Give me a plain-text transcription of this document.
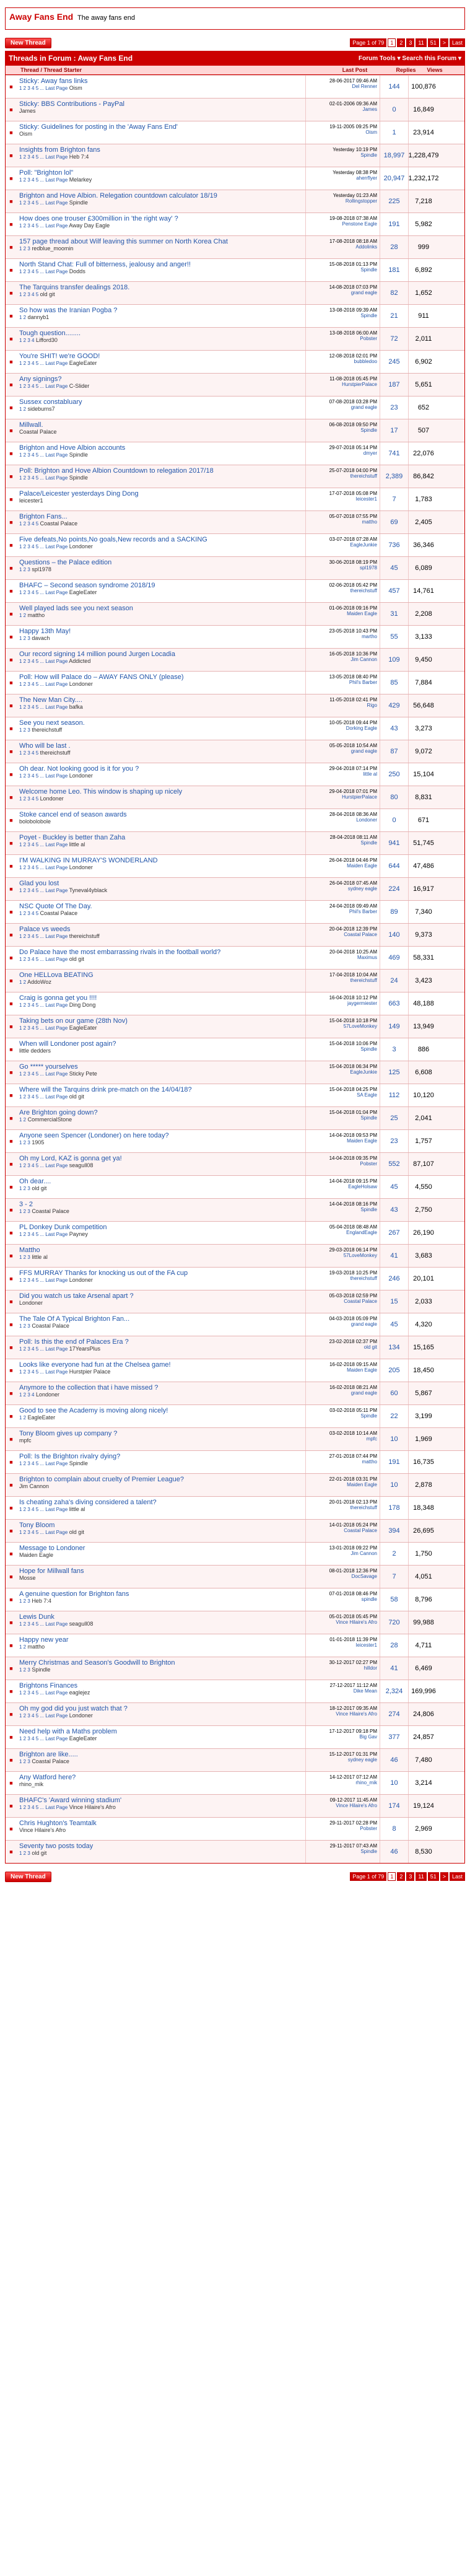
Away Fans End The away fans end
New Thread	Page 1 of 79	1	2	3	11	51	>	Last
Threads in Forum : Away Fans End	Forum Tools ▾ Search this Forum ▾
Thread / Thread Starter	Last Post	Replies	Views
■
Sticky: Away fans links
1 2 3 4 5 ... Last Page Oism
28-06-2017 09:46 AM
Del Renner	144	100,876
■
Sticky: BBS Contributions - PayPal
James
02-01-2006 09:36 AM
James	0	16,849
■
Sticky: Guidelines for posting in the 'Away Fans End'
Oism
19-11-2005 09:25 PM
Oism	1	23,914
■
Insights from Brighton fans
1 2 3 4 5 ... Last Page Heb 7:4
Yesterday 10:19 PM
Spindle 18,997 1,228,479
■
Poll: "Brighton lol"
1 2 3 4 5 ... Last Page Melarkey
Yesterday 08:38 PM
aherrflyer 20,947 1,232,172
■
Brighton and Hove Albion. Relegation countdown calculator 18/19
1 2 3 4 5 ... Last Page Spindle
Yesterday 01:23 AM
Rollingstopper	225	7,218
■
How does one trouser £300million in 'the right way' ?
1 2 3 4 5 ... Last Page Away Day Eagle
19-08-2018 07:38 AM
Penstone Eagle	191	5,982
■
157 page thread about Wilf leaving this summer on North Korea Chat
1 2 3 redblue_moomin
17-08-2018 08:18 AM
Addolinks	28	999
■
North Stand Chat: Full of bitterness, jealousy and anger!!
1 2 3 4 5 ... Last Page Dodds
15-08-2018 01:13 PM
Spindle	181	6,892
■
The Tarquins transfer dealings 2018.
1 2 3 4 5 old git
14-08-2018 07:03 PM
grand eagle	82	1,652
■
So how was the Iranian Pogba ?
1 2 dannyb1
13-08-2018 09:39 AM
Spindle	21	911
■
Tough question........
1 2 3 4 Lifford30
13-08-2018 06:00 AM
Pobster	72	2,011
■
You're SHIT! we're GOOD!
1 2 3 4 5 ... Last Page EagleEater
12-08-2018 02:01 PM
bubbledoo	245	6,902
■
Any signings?
1 2 3 4 5 ... Last Page C-Slider
11-08-2018 05:45 PM
HurstpierPalace	187	5,651
■
Sussex constabluary
1 2 sideburns7
07-08-2018 03:28 PM
grand eagle	23	652
■
Millwall.
Coastal Palace
06-08-2018 09:50 PM
Spindle	17	507
■
Brighton and Hove Albion accounts
1 2 3 4 5 ... Last Page Spindle
29-07-2018 05:14 PM
dmyer	741	22,076
■
Poll: Brighton and Hove Albion Countdown to relegation 2017/18
1 2 3 4 5 ... Last Page Spindle
25-07-2018 04:00 PM
thereichstuff	2,389	86,842
■
Palace/Leicester yesterdays Ding Dong
leicester1
17-07-2018 05:08 PM
leicester1	7	1,783
■
Brighton Fans...
1 2 3 4 5 Coastal Palace
05-07-2018 07:55 PM
mattho	69	2,405
■
Five defeats,No points,No goals,New records and a SACKING
1 2 3 4 5 ... Last Page Londoner
03-07-2018 07:28 AM
EagleJunkie	736	36,346
■
Questions – the Palace edition
1 2 3 spl1978
30-06-2018 08:19 PM
spl1978	45	6,089
■
BHAFC – Second season syndrome 2018/19
1 2 3 4 5 ... Last Page EagleEater
02-06-2018 05:42 PM
thereichstuff	457	14,761
■
Well played lads see you next season
1 2 mattho
01-06-2018 09:16 PM
Maiden Eagle	31	2,208
■
Happy 13th May!
1 2 3 davach
23-05-2018 10:43 PM
martho	55	3,133
■
Our record signing 14 million pound Jurgen Locadia
1 2 3 4 5 ... Last Page Addicted
16-05-2018 10:36 PM
Jim Cannon	109	9,450
■
Poll: How will Palace do – AWAY FANS ONLY (please)
1 2 3 4 5 ... Last Page Londoner
13-05-2018 08:40 PM
Phil's Barber	85	7,884
■
The New Man City....
1 2 3 4 5 ... Last Page bafka
11-05-2018 02:41 PM
Rigo	429	56,648
■
See you next season.
1 2 3 thereichstuff
10-05-2018 09:44 PM
Dorking Eagle	43	3,273
■
Who will be last .
1 2 3 4 5 thereichstuff
05-05-2018 10:54 AM
grand eagle	87	9,072
■
Oh dear. Not looking good is it for you ?
1 2 3 4 5 ... Last Page Londoner
29-04-2018 07:14 PM
little al	250	15,104
■
Welcome home Leo. This window is shaping up nicely
1 2 3 4 5 Londoner
29-04-2018 07:01 PM
HurstpierPalace	80	8,831
■
Stoke cancel end of season awards
bolobolobole
28-04-2018 08:36 AM
Londoner	0	671
■
Poyet - Buckley is better than Zaha
1 2 3 4 5 ... Last Page little al
28-04-2018 08:11 AM
Spindle	941	51,745
■
I'M WALKING IN MURRAY'S WONDERLAND
1 2 3 4 5 ... Last Page Londoner
26-04-2018 04:46 PM
Maiden Eagle	644	47,486
■
Glad you lost
1 2 3 4 5 ... Last Page Tyneval4yblack
26-04-2018 07:45 AM
sydney eagle	224	16,917
■
NSC Quote Of The Day.
1 2 3 4 5 Coastal Palace
24-04-2018 09:49 AM
Phil's Barber	89	7,340
■
Palace vs weeds
1 2 3 4 5 ... Last Page thereichstuff
20-04-2018 12:39 PM
Coastal Palace	140	9,373
■
Do Palace have the most embarrassing rivals in the football world?
1 2 3 4 5 ... Last Page old git
20-04-2018 10:25 AM
Maximus	469	58,331
■
One HELLova BEATING
1 2 AddoWoz
17-04-2018 10:04 AM
thereichstuff	24	3,423
■
Craig is gonna get you !!!!
1 2 3 4 5 ... Last Page Ding Dong
16-04-2018 10:12 PM
jaygermiester	663	48,188
■
Taking bets on our game (28th Nov)
1 2 3 4 5 ... Last Page EagleEater
15-04-2018 10:18 PM
57LoveMonkey	149	13,949
■
When will Londoner post again?
little dedders
15-04-2018 10:06 PM
Spindle	3	886
■
Go ***** yourselves
1 2 3 4 5 ... Last Page Sticky Pete
15-04-2018 06:34 PM
EagleJunkie	125	6,608
■
Where will the Tarquins drink pre-match on the 14/04/18?
1 2 3 4 5 ... Last Page old git
15-04-2018 04:25 PM
SA Eagle	112	10,120
■
Are Brighton going down?
1 2 CommercialStone
15-04-2018 01:04 PM
Spindle	25	2,041
■
Anyone seen Spencer (Londoner) on here today?
1 2 3 1905
14-04-2018 09:53 PM
Maiden Eagle	23	1,757
■
Oh my Lord, KAZ is gonna get ya!
1 2 3 4 5 ... Last Page seagull08
14-04-2018 09:35 PM
Pobster	552	87,107
■
Oh dear....
1 2 3 old git
14-04-2018 09:15 PM
EagleHolsaw	45	4,550
■
3 - 2
1 2 3 Coastal Palace
14-04-2018 08:16 PM
Spindle	43	2,750
■
PL Donkey Dunk competition
1 2 3 4 5 ... Last Page Payney
05-04-2018 08:48 AM
EnglandEagle	267	26,190
■
Mattho
1 2 3 little al
29-03-2018 06:14 PM
57LoveMonkey	41	3,683
■
FFS MURRAY Thanks for knocking us out of the FA cup
1 2 3 4 5 ... Last Page Londoner
19-03-2018 10:25 PM
thereichstuff	246	20,101
■
Did you watch us take Arsenal apart ?
Londoner
05-03-2018 02:59 PM
Coastal Palace	15	2,033
■
The Tale Of A Typical Brighton Fan...
1 2 3 Coastal Palace
04-03-2018 05:09 PM
grand eagle	45	4,320
■
Poll: Is this the end of Palaces Era ?
1 2 3 4 5 ... Last Page 17YearsPlus
23-02-2018 02:37 PM
old git	134	15,165
■
Looks like everyone had fun at the Chelsea game!
1 2 3 4 5 ... Last Page Hurstpier Palace
16-02-2018 09:15 AM
Maiden Eagle	205	18,450
■
Anymore to the collection that i have missed ?
1 2 3 4 Londoner
16-02-2018 08:21 AM
grand eagle	60	5,867
■
Good to see the Academy is moving along nicely!
1 2 EagleEater
03-02-2018 05:11 PM
Spindle	22	3,199
■
Tony Bloom gives up company ?
mpfc
03-02-2018 10:14 AM
mpfc	10	1,969
■
Poll: Is the Brighton rivalry dying?
1 2 3 4 5 ... Last Page Spindle
27-01-2018 07:44 PM
mattho	191	16,735
■
Brighton to complain about cruelty of Premier League?
Jim Cannon
22-01-2018 03:31 PM
Maiden Eagle	10	2,878
■
Is cheating zaha's diving considered a talent?
1 2 3 4 5 ... Last Page little al
20-01-2018 02:13 PM
thereichstuff	178	18,348
■
Tony Bloom
1 2 3 4 5 ... Last Page old git
14-01-2018 05:24 PM
Coastal Palace	394	26,695
■
Message to Londoner
Maiden Eagle
13-01-2018 09:22 PM
Jim Cannon	2	1,750
■
Hope for Millwall fans
Mosse
08-01-2018 12:36 PM
DocSavage	7	4,051
■
A genuine question for Brighton fans
1 2 3 Heb 7:4
07-01-2018 08:46 PM
spindle	58	8,796
■
Lewis Dunk
1 2 3 4 5 ... Last Page seagull08
05-01-2018 05:45 PM
Vince Hilaire's Afro	720	99,988
■
Happy new year
1 2 mattho
01-01-2018 11:39 PM
leicester1	28	4,711
■
Merry Christmas and Season's Goodwill to Brighton
1 2 3 Spindle
30-12-2017 02:27 PM
hilldor	41	6,469
■
Brightons Finances
1 2 3 4 5 ... Last Page eaglejez
27-12-2017 11:12 AM
Dike Mean	2,324	169,996
■
Oh my god did you just watch that ?
1 2 3 4 5 ... Last Page Londoner
18-12-2017 09:35 AM
Vince Hilaire's Afro	274	24,806
■
Need help with a Maths problem
1 2 3 4 5 ... Last Page EagleEater
17-12-2017 09:18 PM
Big Gav	377	24,857
■
Brighton are like.....
1 2 3 Coastal Palace
15-12-2017 01:31 PM
sydney eagle	46	7,480
■
Any Watford here?
rhino_mik
14-12-2017 07:12 AM
rhino_mik	10	3,214
■
BHAFC's 'Award winning stadium'
1 2 3 4 5 ... Last Page Vince Hilaire's Afro
09-12-2017 11:45 AM
Vince Hilaire's Afro	174	19,124
■
Chris Hughton's Teamtalk
Vince Hilaire's Afro
29-11-2017 02:28 PM
Pobster	8	2,969
■
Seventy two posts today
1 2 3 old git
29-11-2017 07:43 AM
Spindle	46	8,530
New Thread	Page 1 of 79	1	2	3	11	51	>	Last
